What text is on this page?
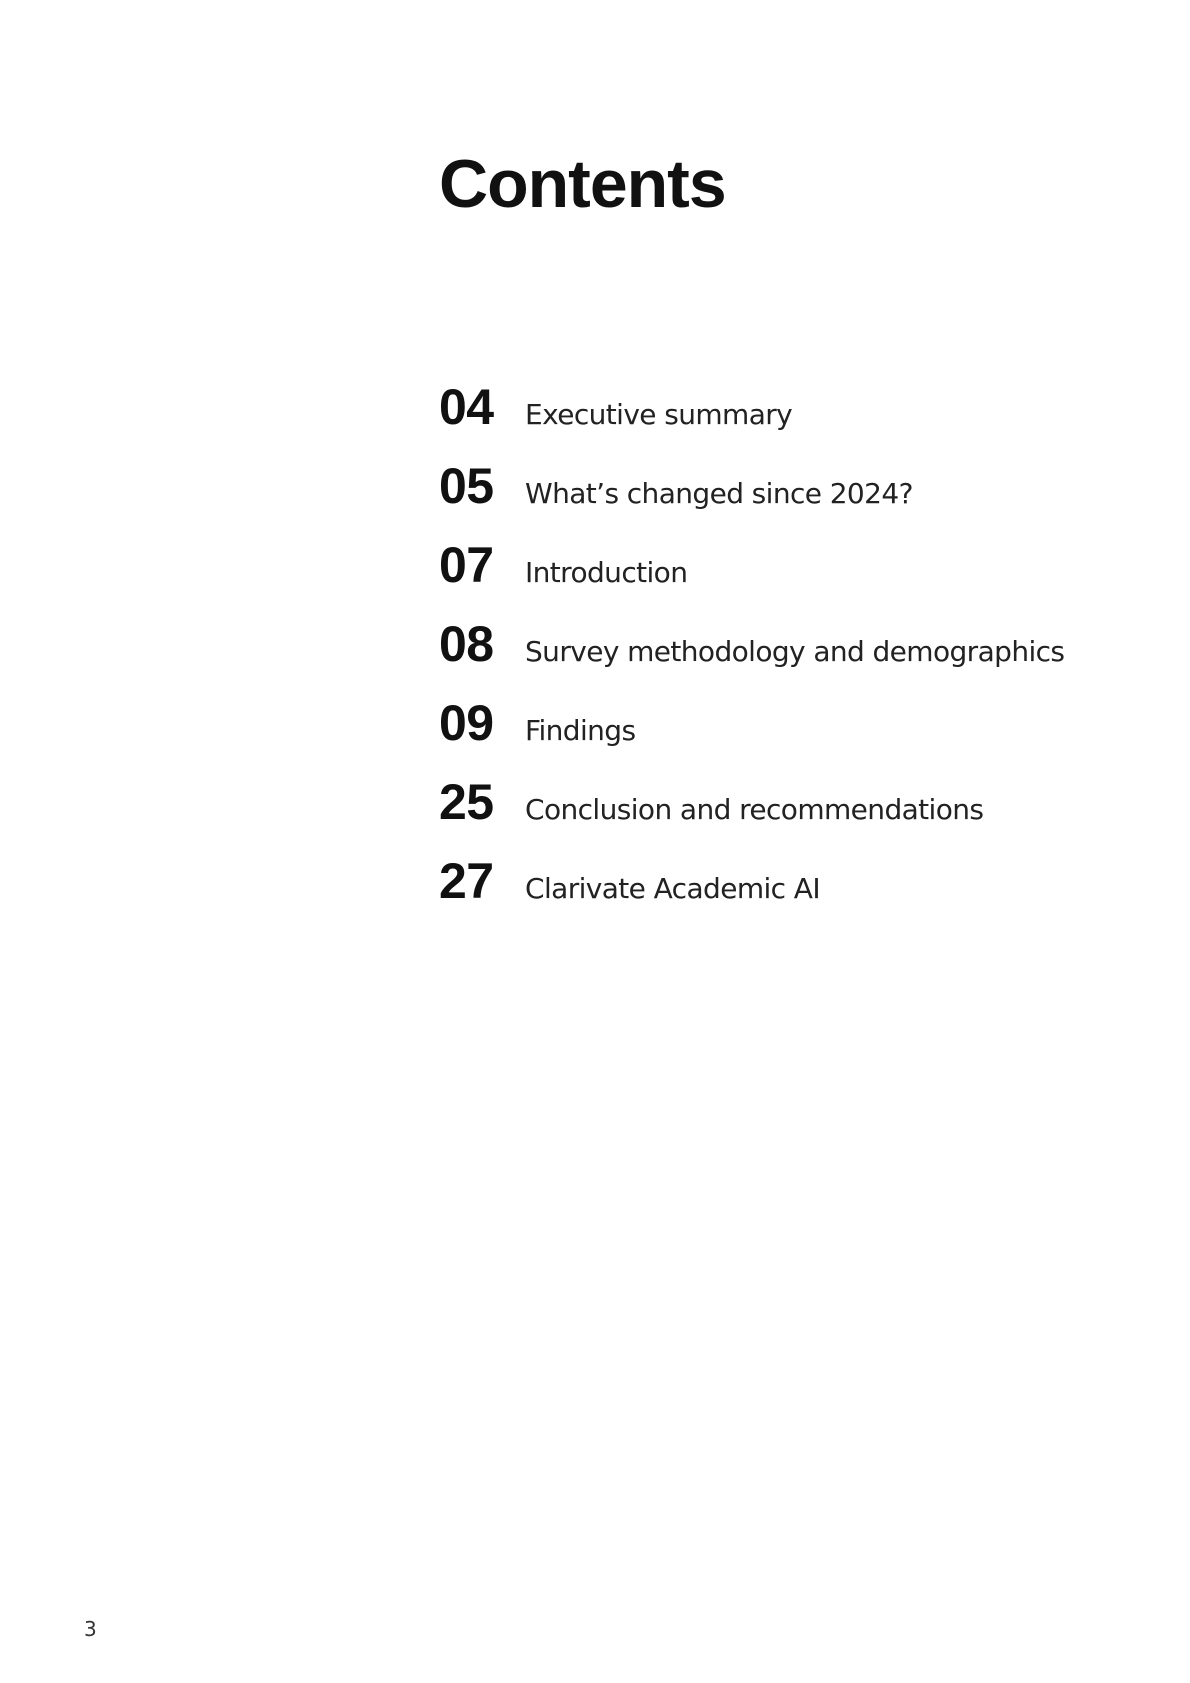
Contents
04	Executive summary
05	What’s changed since 2024?
07	Introduction
08	Survey methodology and demographics
09	Findings
25	Conclusion and recommendations
27	Clarivate Academic AI
3
